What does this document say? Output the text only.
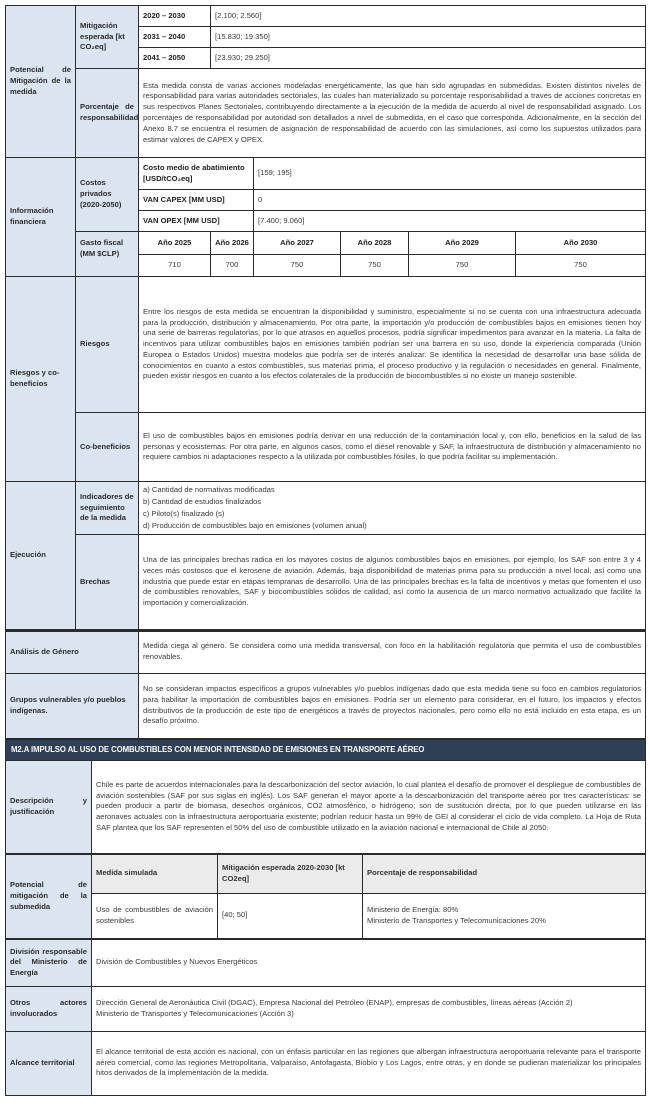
Potencial de Mitigación de la medida	Mitigación esperada [kt CO₂eq]	2020 – 2030	[2.100; 2.560]				
		2031 – 2040	[15.830; 19.350]				
		2041 – 2050	[23.930; 29.250]				
	Porcentaje de responsabilidad	Esta medida consta de varias acciones modeladas energéticamente, las que han sido agrupadas en submedidas. Existen distintos niveles de responsabilidad para varias autoridades sectoriales, las cuales han materializado su porcentaje responsabilidad a través de acciones concretas en sus respectivos Planes Sectoriales, contribuyendo directamente a la ejecución de la medida de acuerdo al nivel de responsabilidad asignado. Los porcentajes de responsabilidad por autoridad son detallados a nivel de submedida, en el caso que corresponda. Adicionalmente, en la sección del Anexo 8.7 se encuentra el resumen de asignación de responsabilidad de acuerdo con las simulaciones, así como los supuestos utilizados para estimar valores de CAPEX y OPEX.					
Información financiera	Costos privados (2020-2050)	Costo medio de abatimiento [USD/tCO₂eq]		[159; 195]			
		VAN CAPEX [MM USD]		0			
		VAN OPEX [MM USD]		[7.400; 9.060]			
	Gasto fiscal (MM $CLP)	Año 2025	Año 2026	Año 2027	Año 2028	Año 2029	Año 2030
		710	700	750	750	750	750
Riesgos y co-beneficios	Riesgos	Entre los riesgos de esta medida se encuentran la disponibilidad y suministro, especialmente si no se cuenta con una infraestructura adecuada para la producción, distribución y almacenamiento. Por otra parte, la importación y/o producción de combustibles bajos en emisiones tienen hoy una serie de barreras regulatorias, por lo que atrasos en aquellos procesos, podría significar impedimentos para avanzar en la materia. La falta de incentivos para utilizar combustibles bajos en emisiones también podrían ser una barrera en su uso, donde la experiencia comparada (Unión Europea o Estados Unidos) muestra modelos que podría ser de interés analizar. Se identifica la necesidad de desarrollar una base sólida de conocimientos en cuanto a estos combustibles, sus materias prima, el proceso productivo y la regulación o necesidades en general. Finalmente, pueden existir riesgos en cuanto a los efectos colaterales de la producción de biocombustibles si no existe un manejo sostenible.					
	Co-beneficios	El uso de combustibles bajos en emisiones podría derivar en una reducción de la contaminación local y, con ello, beneficios en la salud de las personas y ecosistemas. Por otra parte, en algunos casos, como el diésel renovable y SAF, la infraestructura de distribución y almacenamiento no requiere cambios ni adaptaciones respecto a la utilizada por combustibles fósiles, lo que podría facilitar su implementación.					
Ejecución	Indicadores de seguimiento de la medida	a) Cantidad de normativas modificadas
b) Cantidad de estudios finalizados
c) Piloto(s) finalizado (s)
d) Producción de combustibles bajo en emisiones (volumen anual)					

	Brechas	Una de las principales brechas radica en los mayores costos de algunos combustibles bajos en emisiones, por ejemplo, los SAF son entre 3 y 4 veces más costosos que el kerosene de aviación. Además, baja disponibilidad de materias prima para su producción a nivel local, así como una industria que puede estar en etapas tempranas de desarrollo. Una de las principales brechas es la falta de incentivos y metas que fomenten el uso de combustibles renovables, SAF y biocombustibles sólidos de calidad, así como la ausencia de un marco normativo actualizado que facilite la importación y comercialización.					
Análisis de Género	Medida ciega al género. Se considera como una medida transversal, con foco en la habilitación regulatoria que permita el uso de combustibles renovables.
Grupos vulnerables y/o pueblos indígenas.	No se consideran impactos específicos a grupos vulnerables y/o pueblos indígenas dado que esta medida tiene su foco en cambios regulatorios para habilitar la importación de combustibles bajos en emisiones. Podría ser un elemento para considerar, en el futuro, los impactos y efectos distributivos de la producción de este tipo de energéticos a través de proyectos nacionales, pero como ello no está incluido en esta etapa, es un desafío próximo.
M2.A IMPULSO AL USO DE COMBUSTIBLES CON MENOR INTENSIDAD DE EMISIONES EN TRANSPORTE AÉREO			
Descripción y justificación	Chile es parte de acuerdos internacionales para la descarbonización del sector aviación, lo cual plantea el desafío de promover el despliegue de combustibles de aviación sostenibles (SAF por sus siglas en inglés). Los SAF generan el mayor aporte a la descarbonización del transporte aéreo por tres características: se pueden producir a partir de biomasa, desechos orgánicos, CO2 atmosférico, o hidrógeno; son de sustitución directa, por lo que pueden utilizarse en las aeronaves actuales con la infraestructura aeroportuaria existente; podrían reducir hasta un 99% de GEI al considerar el ciclo de vida completo. La Hoja de Ruta SAF plantea que los SAF representen el 50% del uso de combustible utilizado en la aviación nacional e internacional de Chile al 2050.		
Potencial de mitigación de la submedida	Medida simulada	Mitigación esperada 2020-2030 [kt CO2eq]	Porcentaje de responsabilidad
	Uso de combustibles de aviación sostenibles	[40; 50]	Ministerio de Energía: 80%
Ministerio de Transportes y Telecomunicaciones 20%

División responsable del Ministerio de Energía	División de Combustibles y Nuevos Energéticos		
Otros actores involucrados	Dirección General de Aeronáutica Civil (DGAC), Empresa Nacional del Petróleo (ENAP), empresas de combustibles, líneas aéreas (Acción 2)
Ministerio de Transportes y Telecomunicaciones (Acción 3)		

Alcance territorial	El alcance territorial de esta acción es nacional, con un énfasis particular en las regiones que albergan infraestructura aeroportuaria relevante para el transporte aéreo comercial, como las regiones Metropolitana, Valparaíso, Antofagasta, Biobío y Los Lagos, entre otras, y en donde se pudieran materializar los principales hitos derivados de la implementación de la medida.		
